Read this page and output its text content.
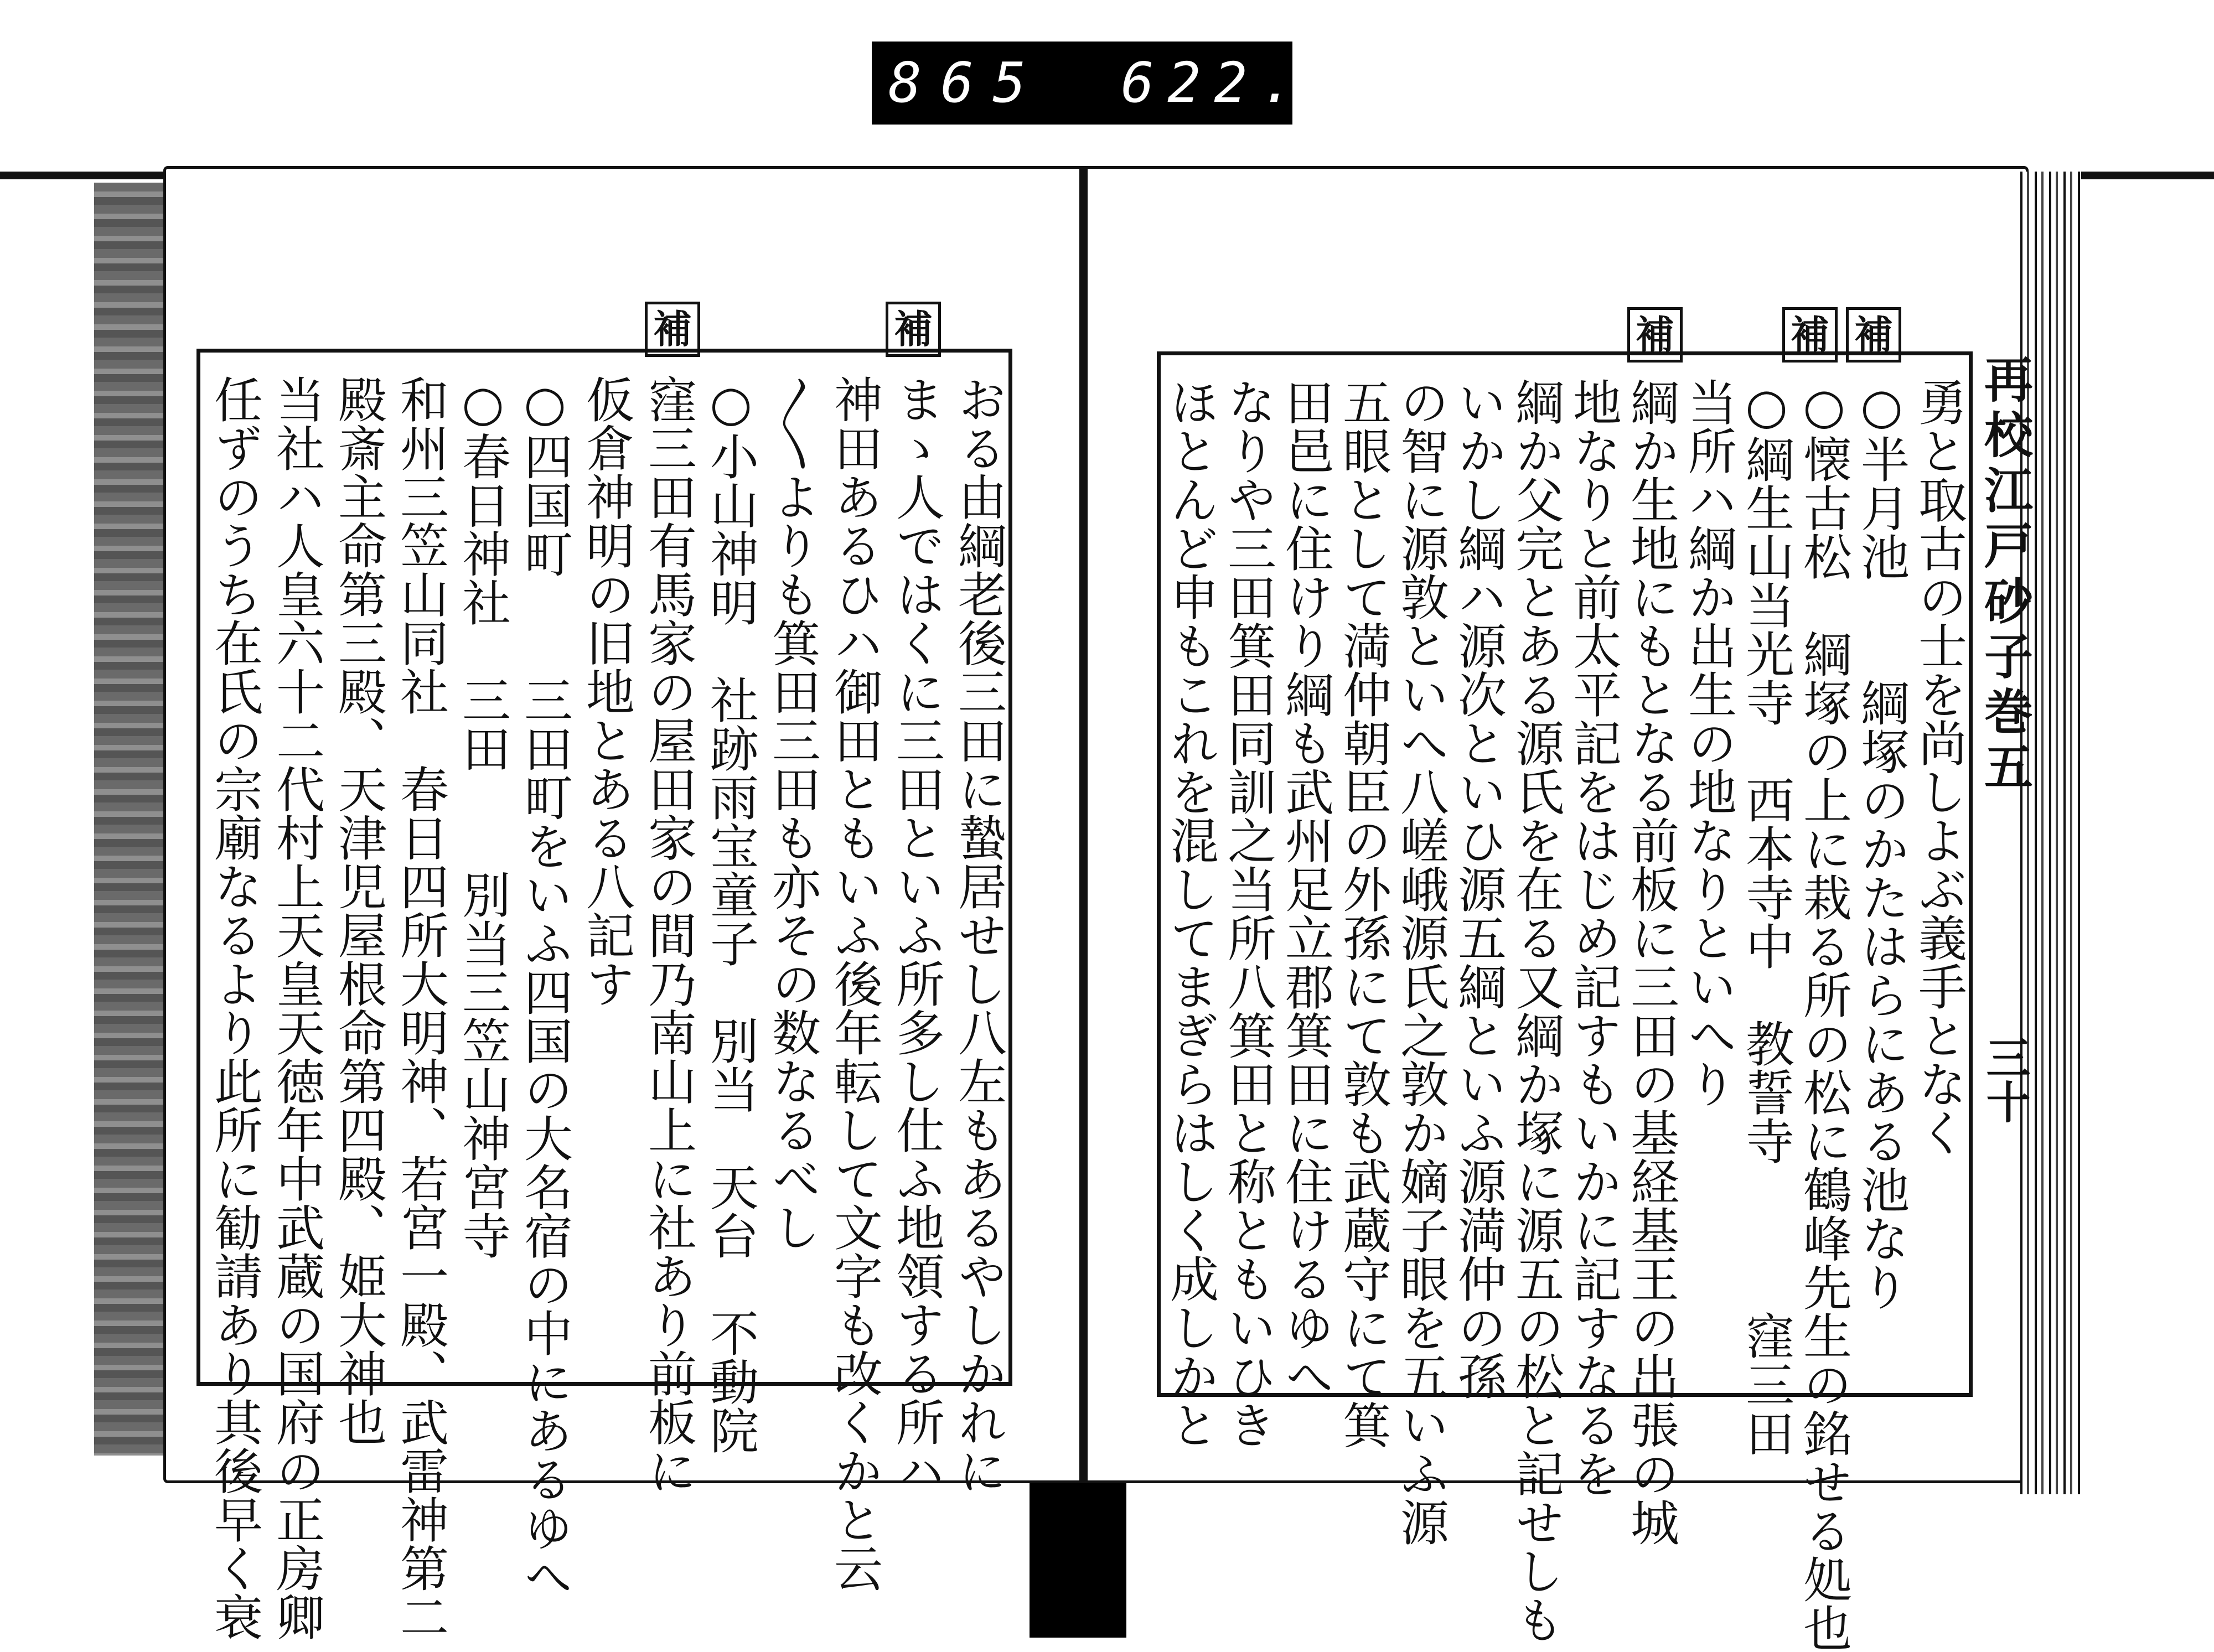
865 622.
再校江戸砂子巻五
三十
補	補	補	補 補
おる由綱老後三田に蟄居せし八左もあるやしかれに
まゝ人ではくに三田といふ所多し仕ふ地領する所ハ
神田あるひハ御田ともいふ後年転して文字も改くかと云
〳〵よりも箕田三田も亦その数なるべし
○小山神明　社跡雨宝童子　別当　天台　不動院
窪三田有馬家の屋田家の間乃南山上に社あり前板に
仮倉神明の旧地とある八記す
○四国町　　三田町をいふ四国の大名宿の中にあるゆへ
○春日神社　三田　　別当三笠山神宮寺
和州三笠山同社　春日四所大明神、若宮一殿、武雷神第二
殿斎主命第三殿、天津児屋根命第四殿、姫大神也
当社ハ人皇六十二代村上天皇天徳年中武蔵の国府の正房卿
任ずのうち在氏の宗廟なるより此所に勧請あり其後早く衰	勇と取古の士を尚しよぶ義手となく
○半月池　　綱塚のかたはらにある池なり
○懐古松　綱塚の上に栽る所の松に鶴峰先生の銘せる処也
○綱生山当光寺　西本寺中　教誓寺　　　窪三田
当所ハ綱か出生の地なりといへり
綱か生地にもとなる前板に三田の基経基王の出張の城
地なりと前太平記をはじめ記すもいかに記すなるを
綱か父完とある源氏を在る又綱か塚に源五の松と記せしも
いかし綱ハ源次といひ源五綱といふ源満仲の孫
の智に源敦といへ八嵯峨源氏之敦か嫡子眼を五いふ源
五眼として満仲朝臣の外孫にて敦も武蔵守にて箕
田邑に住けり綱も武州足立郡箕田に住けるゆへ
なりや三田箕田同訓之当所八箕田と称ともいひき
ほとんど申もこれを混してまぎらはしく成しかと
